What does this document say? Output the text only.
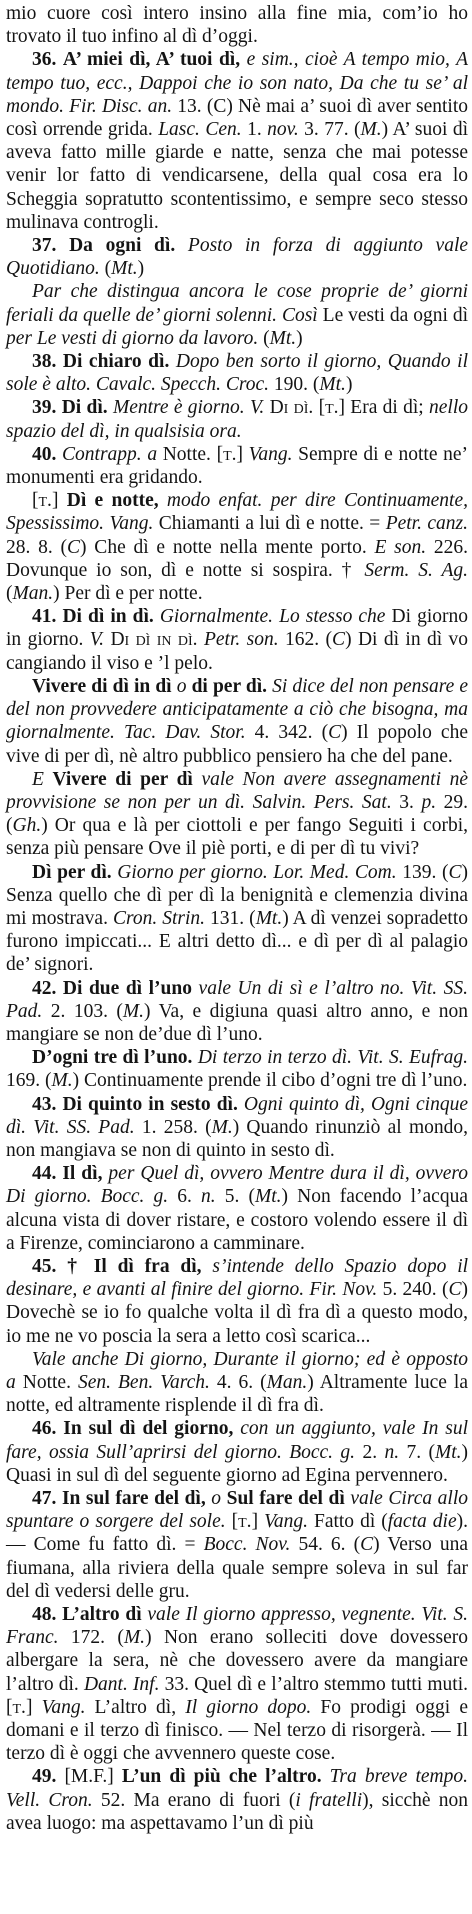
mio cuore così intero insino alla fine mia, com’io ho trovato il tuo infino al dì d’oggi.

36. A’ miei dì, A’ tuoi dì, e sim., cioè A tempo mio, A tempo tuo, ecc., Dappoi che io son nato, Da che tu se’ al mondo. Fir. Disc. an. 13. (C) Nè mai a’ suoi dì aver sentito così orrende grida. Lasc. Cen. 1. nov. 3. 77. (M.) A’ suoi dì aveva fatto mille giarde e natte, senza che mai potesse venir lor fatto di vendicarsene, della qual cosa era lo Scheggia sopratutto scontentissimo, e sempre seco stesso mulinava controgli.

37. Da ogni dì. Posto in forza di aggiunto vale Quotidiano. (Mt.)

Par che distingua ancora le cose proprie de’ giorni feriali da quelle de’ giorni solenni. Così Le vesti da ogni dì per Le vesti di giorno da lavoro. (Mt.)

38. Di chiaro dì. Dopo ben sorto il giorno, Quando il sole è alto. Cavalc. Specch. Croc. 190. (Mt.)

39. Di dì. Mentre è giorno. V. Di dì. [t.] Era di dì; nello spazio del dì, in qualsisia ora.

40. Contrapp. a Notte. [t.] Vang. Sempre di e notte ne’ monumenti era gridando.

[t.] Dì e notte, modo enfat. per dire Continuamente, Spessissimo. Vang. Chiamanti a lui dì e notte. = Petr. canz. 28. 8. (C) Che dì e notte nella mente porto. E son. 226. Dovunque io son, dì e notte si sospira. † Serm. S. Ag. (Man.) Per dì e per notte.

41. Di dì in dì. Giornalmente. Lo stesso che Di giorno in giorno. V. Di dì in dì. Petr. son. 162. (C) Di dì in dì vo cangiando il viso e ’l pelo.

Vivere di dì in dì o di per dì. Si dice del non pensare e del non provvedere anticipatamente a ciò che bisogna, ma giornalmente. Tac. Dav. Stor. 4. 342. (C) Il popolo che vive di per dì, nè altro pubblico pensiero ha che del pane.

E Vivere di per dì vale Non avere assegnamenti nè provvisione se non per un dì. Salvin. Pers. Sat. 3. p. 29. (Gh.) Or qua e là per ciottoli e per fango Seguiti i corbi, senza più pensare Ove il piè porti, e di per dì tu vivi?

Dì per dì. Giorno per giorno. Lor. Med. Com. 139. (C) Senza quello che dì per dì la benignità e clemenzia divina mi mostrava. Cron. Strin. 131. (Mt.) A dì venzei sopradetto furono impiccati... E altri detto dì... e dì per dì al palagio de’ signori.

42. Di due dì l’uno vale Un di sì e l’altro no. Vit. SS. Pad. 2. 103. (M.) Va, e digiuna quasi altro anno, e non mangiare se non de’due dì l’uno.

D’ogni tre dì l’uno. Di terzo in terzo dì. Vit. S. Eufrag. 169. (M.) Continuamente prende il cibo d’ogni tre dì l’uno.

43. Di quinto in sesto dì. Ogni quinto dì, Ogni cinque dì. Vit. SS. Pad. 1. 258. (M.) Quando rinunziò al mondo, non mangiava se non di quinto in sesto dì.

44. Il dì, per Quel dì, ovvero Mentre dura il dì, ovvero Di giorno. Bocc. g. 6. n. 5. (Mt.) Non facendo l’acqua alcuna vista di dover ristare, e costoro volendo essere il dì a Firenze, cominciarono a camminare.

45. † Il dì fra dì, s’intende dello Spazio dopo il desinare, e avanti al finire del giorno. Fir. Nov. 5. 240. (C) Dovechè se io fo qualche volta il dì fra dì a questo modo, io me ne vo poscia la sera a letto così scarica...

Vale anche Di giorno, Durante il giorno; ed è opposto a Notte. Sen. Ben. Varch. 4. 6. (Man.) Altramente luce la notte, ed altramente risplende il dì fra dì.

46. In sul dì del giorno, con un aggiunto, vale In sul fare, ossia Sull’aprirsi del giorno. Bocc. g. 2. n. 7. (Mt.) Quasi in sul dì del seguente giorno ad Egina pervennero.

47. In sul fare del dì, o Sul fare del dì vale Circa allo spuntare o sorgere del sole. [t.] Vang. Fatto dì (facta die). — Come fu fatto dì. = Bocc. Nov. 54. 6. (C) Verso una fiumana, alla riviera della quale sempre soleva in sul far del dì vedersi delle gru.

48. L’altro dì vale Il giorno appresso, vegnente. Vit. S. Franc. 172. (M.) Non erano solleciti dove dovessero albergare la sera, nè che dovessero avere da mangiare l’altro dì. Dant. Inf. 33. Quel dì e l’altro stemmo tutti muti. [t.] Vang. L’altro dì, Il giorno dopo. Fo prodigi oggi e domani e il terzo dì finisco. — Nel terzo di risorgerà. — Il terzo dì è oggi che avvennero queste cose.

49. [M.F.] L’un dì più che l’altro. Tra breve tempo. Vell. Cron. 52. Ma erano di fuori (i fratelli), sicchè non avea luogo: ma aspettavamo l’un dì più
